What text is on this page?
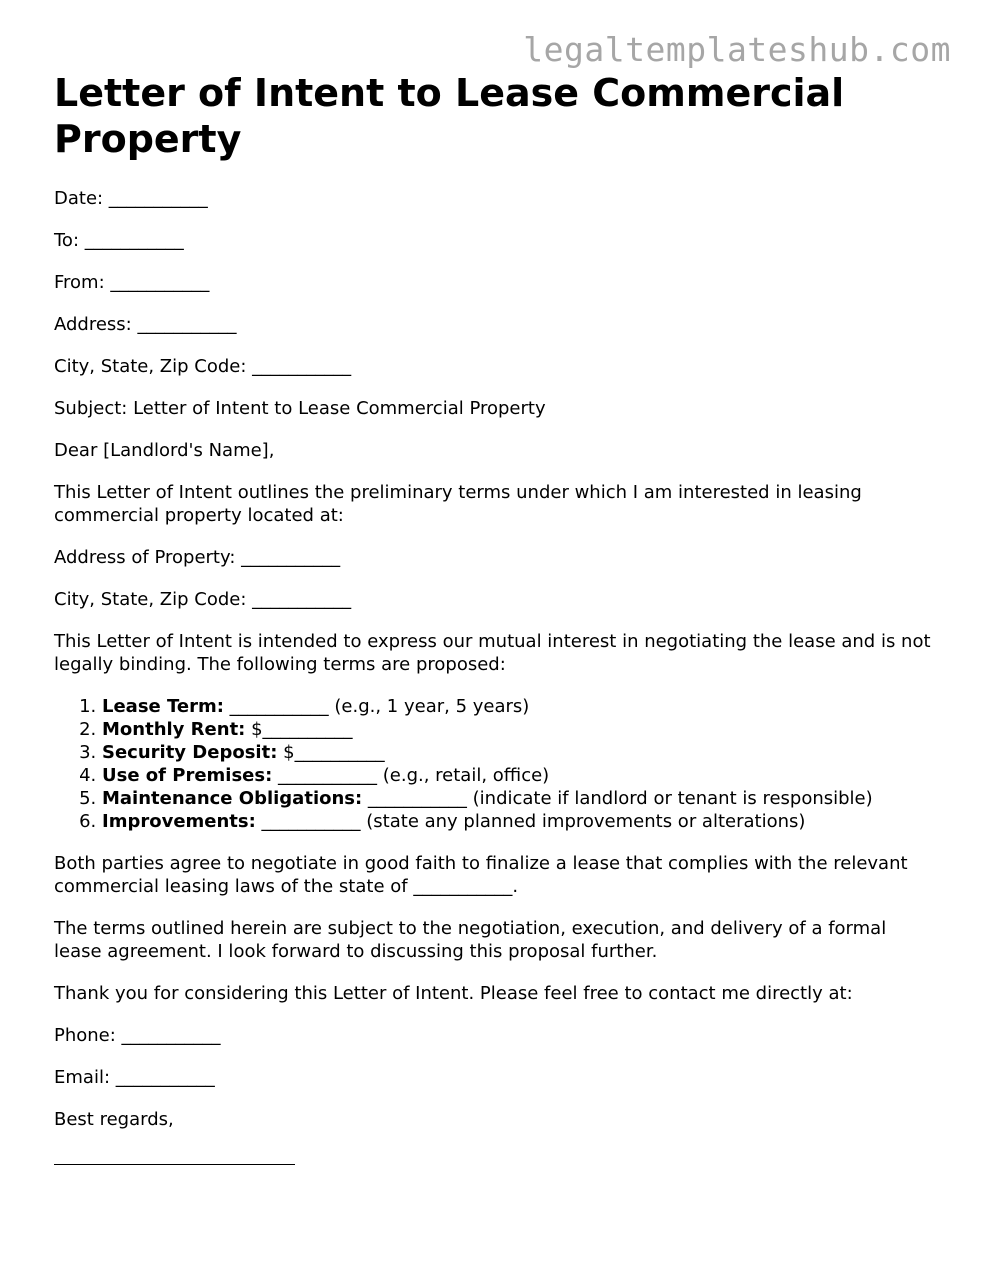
legaltemplateshub.com
Letter of Intent to Lease Commercial Property

Date: ___________

To: ___________

From: ___________

Address: ___________

City, State, Zip Code: ___________

Subject: Letter of Intent to Lease Commercial Property

Dear [Landlord's Name],

This Letter of Intent outlines the preliminary terms under which I am interested in leasing commercial property located at:

Address of Property: ___________

City, State, Zip Code: ___________

This Letter of Intent is intended to express our mutual interest in negotiating the lease and is not legally binding. The following terms are proposed:

1. Lease Term: ___________ (e.g., 1 year, 5 years)
2. Monthly Rent: $__________
3. Security Deposit: $__________
4. Use of Premises: ___________ (e.g., retail, office)
5. Maintenance Obligations: ___________ (indicate if landlord or tenant is responsible)
6. Improvements: ___________ (state any planned improvements or alterations)

Both parties agree to negotiate in good faith to finalize a lease that complies with the relevant commercial leasing laws of the state of ___________.

The terms outlined herein are subject to the negotiation, execution, and delivery of a formal lease agreement. I look forward to discussing this proposal further.

Thank you for considering this Letter of Intent. Please feel free to contact me directly at:

Phone: ___________

Email: ___________

Best regards,
